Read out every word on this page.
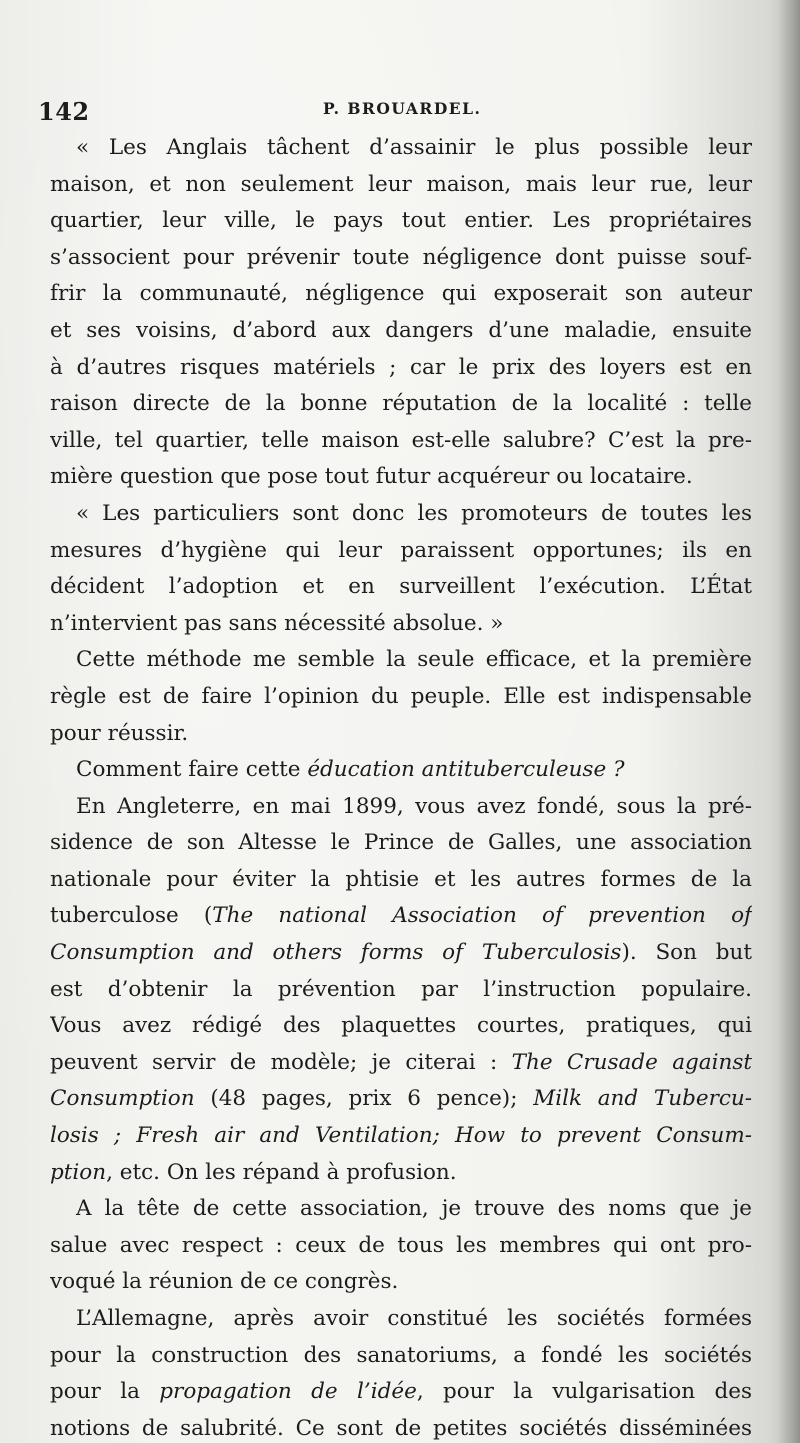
142	P. BROUARDEL.
« Les Anglais tâchent d’assainir le plus possible leur
maison, et non seulement leur maison, mais leur rue, leur
quartier, leur ville, le pays tout entier. Les propriétaires
s’associent pour prévenir toute négligence dont puisse souf-
frir la communauté, négligence qui exposerait son auteur
et ses voisins, d’abord aux dangers d’une maladie, ensuite
à d’autres risques matériels ; car le prix des loyers est en
raison directe de la bonne réputation de la localité : telle
ville, tel quartier, telle maison est-elle salubre? C’est la pre-
mière question que pose tout futur acquéreur ou locataire.
« Les particuliers sont donc les promoteurs de toutes les
mesures d’hygiène qui leur paraissent opportunes; ils en
décident l’adoption et en surveillent l’exécution. L’État
n’intervient pas sans nécessité absolue. »
Cette méthode me semble la seule efficace, et la première
règle est de faire l’opinion du peuple. Elle est indispensable
pour réussir.
Comment faire cette éducation antituberculeuse ?
En Angleterre, en mai 1899, vous avez fondé, sous la pré-
sidence de son Altesse le Prince de Galles, une association
nationale pour éviter la phtisie et les autres formes de la
tuberculose (The national Association of prevention of
Consumption and others forms of Tuberculosis). Son but
est d’obtenir la prévention par l’instruction populaire.
Vous avez rédigé des plaquettes courtes, pratiques, qui
peuvent servir de modèle; je citerai : The Crusade against
Consumption (48 pages, prix 6 pence); Milk and Tubercu-
losis ; Fresh air and Ventilation; How to prevent Consum-
ption, etc. On les répand à profusion.
A la tête de cette association, je trouve des noms que je
salue avec respect : ceux de tous les membres qui ont pro-
voqué la réunion de ce congrès.
L’Allemagne, après avoir constitué les sociétés formées
pour la construction des sanatoriums, a fondé les sociétés
pour la propagation de l’idée, pour la vulgarisation des
notions de salubrité. Ce sont de petites sociétés disséminées
